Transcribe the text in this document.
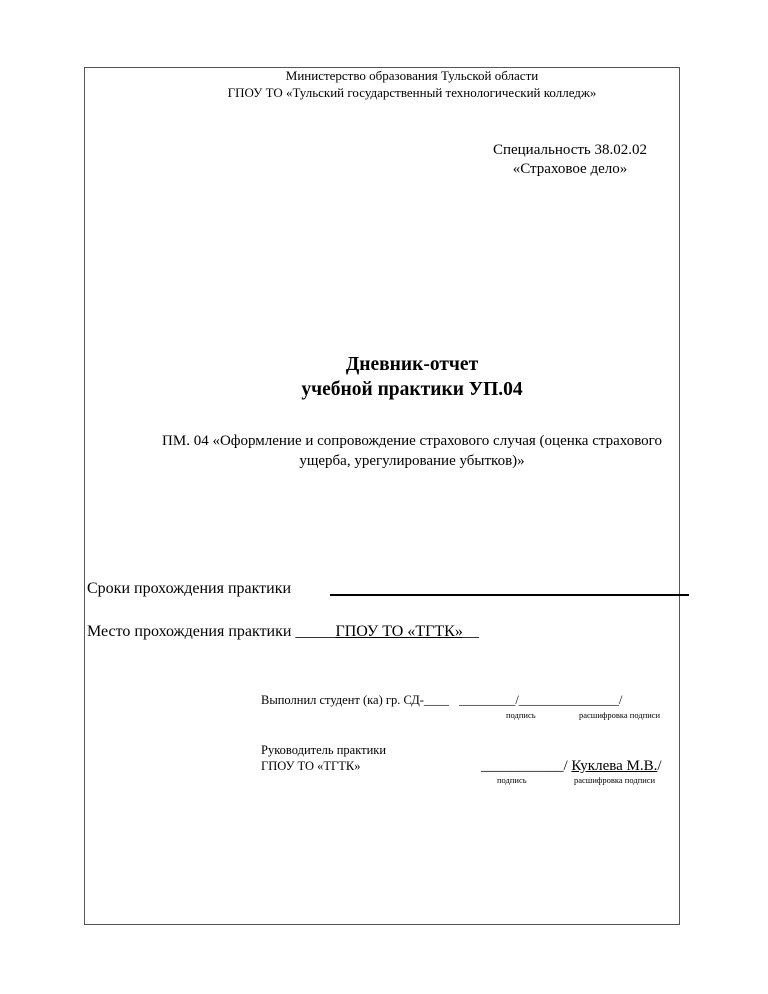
Министерство образования Тульской области
ГПОУ ТО «Тульский государственный технологический колледж»
Специальность 38.02.02
«Страховое дело»
Дневник-отчет
учебной практики УП.04
ПМ. 04 «Оформление и сопровождение страхового случая (оценка страхового
ущерба, урегулирование убытков)»
Сроки прохождения практики
Место прохождения практики _____ГПОУ ТО «ТГТК»__
Выполнил студент (ка) гр. СД-____ _________/________________/
подпись	расшифровка подписи
Руководитель практики
ГПОУ ТО «ТГТК»	___________/ Куклева М.В./
подпись	расшифровка подписи
